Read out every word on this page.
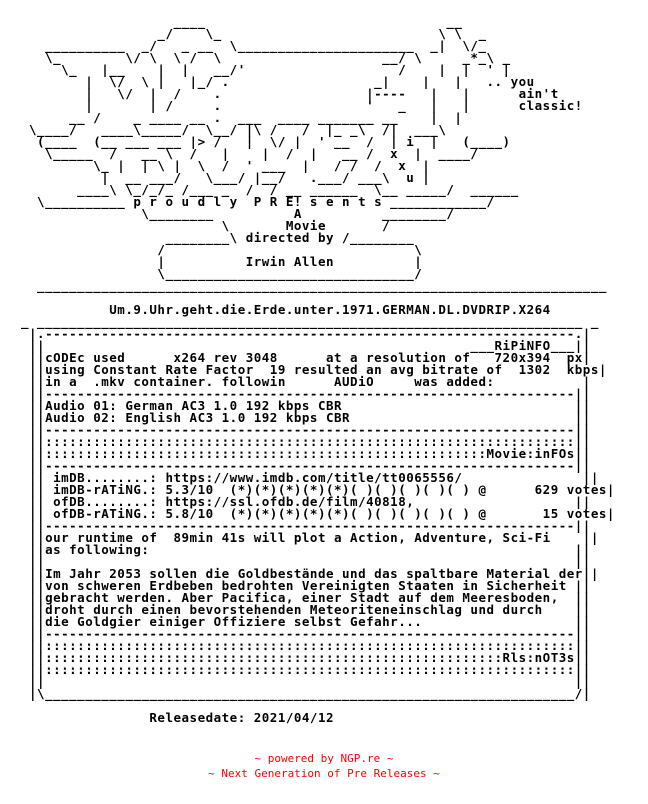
____                              __
_/    \_                           \ \  _
__________  _/   _ __  \______________________  _|  \/_
\_        \/ \  \ /  \                    __/ \     _*_\ _
\_   |__    |  |   __/'                   /    |  |  ' |
|  \/  \ |   |_/ .                  _|    |   |   .. you
|   \/  |  /    .                  |----   |   |      ain't
|       | /     .                  '   _   |   |      classic!
__ /    _ ____ __ .  ___  ____ _______ __    |  |
\____/   ____\_____/  \__/ |\ /   /  |_ _\  /|  ___\
(____  (__ ___ ___ |> /   |  \/ |  ' __  /  | i  |   (____)
\_____  /   __ \  /   |    |  /  |   __ /  x  |  ____/
\_ |  | \ |  \  /  ' ___  |   / /  /  x  |
|  __ ___/   \___/ |__/   .___/ ___\  u |
____\ \_/_/_ /___ _  /  / __ ______  \__ _____/  ______
\__________ p r o u d l y  P R E! s e n t s ____________/
\________          A          ________/
\       Movie       /
________\ directed by /________
/                               \
|          Irwin Allen          |
\_______________________________/
_______________________________________________________________________

Um.9.Uhr.geht.die.Erde.unter.1971.GERMAN.DL.DVDRIP.X264
_ ____________________________________________________________________ _
|.------------------------------------------------------------------.|
||                                                     ___RiPiNFO___||
||cODEc used      x264 rev 3048      at a resolution of   720x394  px|
||using Constant Rate Factor  19 resulted an avg bitrate of  1302  kbps|
||in a  .mkv container. followin      AUDiO     was added:           |
||------------------------------------------------------------------||
||Audio 01: German AC3 1.0 192 kbps CBR                             ||
||Audio 02: English AC3 1.0 192 kbps CBR                            ||
||------------------------------------------------------------------||
||::::::::::::::::::::::::::::::::::::::::::::::::::::::::::::::::::||
||:::::::::::::::::::::::::::::::::::::::::::::::::::::::Movie:inFOs||
||------------------------------------------------------------------||
|| imDB........: https://www.imdb.com/title/tt0065556/               ||
|| imDB-rATiNG.: 5.3/10  (*)(*)(*)(*)(*)( )( )( )( )( ) @      629 votes|
|| ofDB........: https://ssl.ofdb.de/film/40818,                    ||
|| ofDB-rATiNG.: 5.8/10  (*)(*)(*)(*)(*)( )( )( )( )( ) @       15 votes|
||------------------------------------------------------------------||
||our runtime of  89min 41s will plot a Action, Adventure, Sci-Fi    ||
||as following:                                                     ||
||                                                                  ||
||Im Jahr 2053 sollen die Goldbestände und das spaltbare Material der||
||von schweren Erdbeben bedrohten Vereinigten Staaten in Sicherheit ||
||gebracht werden. Aber Pacifica, einer Stadt auf dem Meeresboden,  ||
||droht durch einen bevorstehenden Meteoriteneinschlag und durch    ||
||die Goldgier einiger Offiziere selbst Gefahr...                   ||
||------------------------------------------------------------------||
||::::::::::::::::::::::::::::::::::::::::::::::::::::::::::::::::::||
||:::::::::::::::::::::::::::::::::::::::::::::::::::::::::Rls:nOT3s||
||::::::::::::::::::::::::::::::::::::::::::::::::::::::::::::::::::||
||                                                                  ||
|\__________________________________________________________________/|

Releasedate: 2021/04/12

~ powered by NGP.re ~
~ Next Generation of Pre Releases ~
